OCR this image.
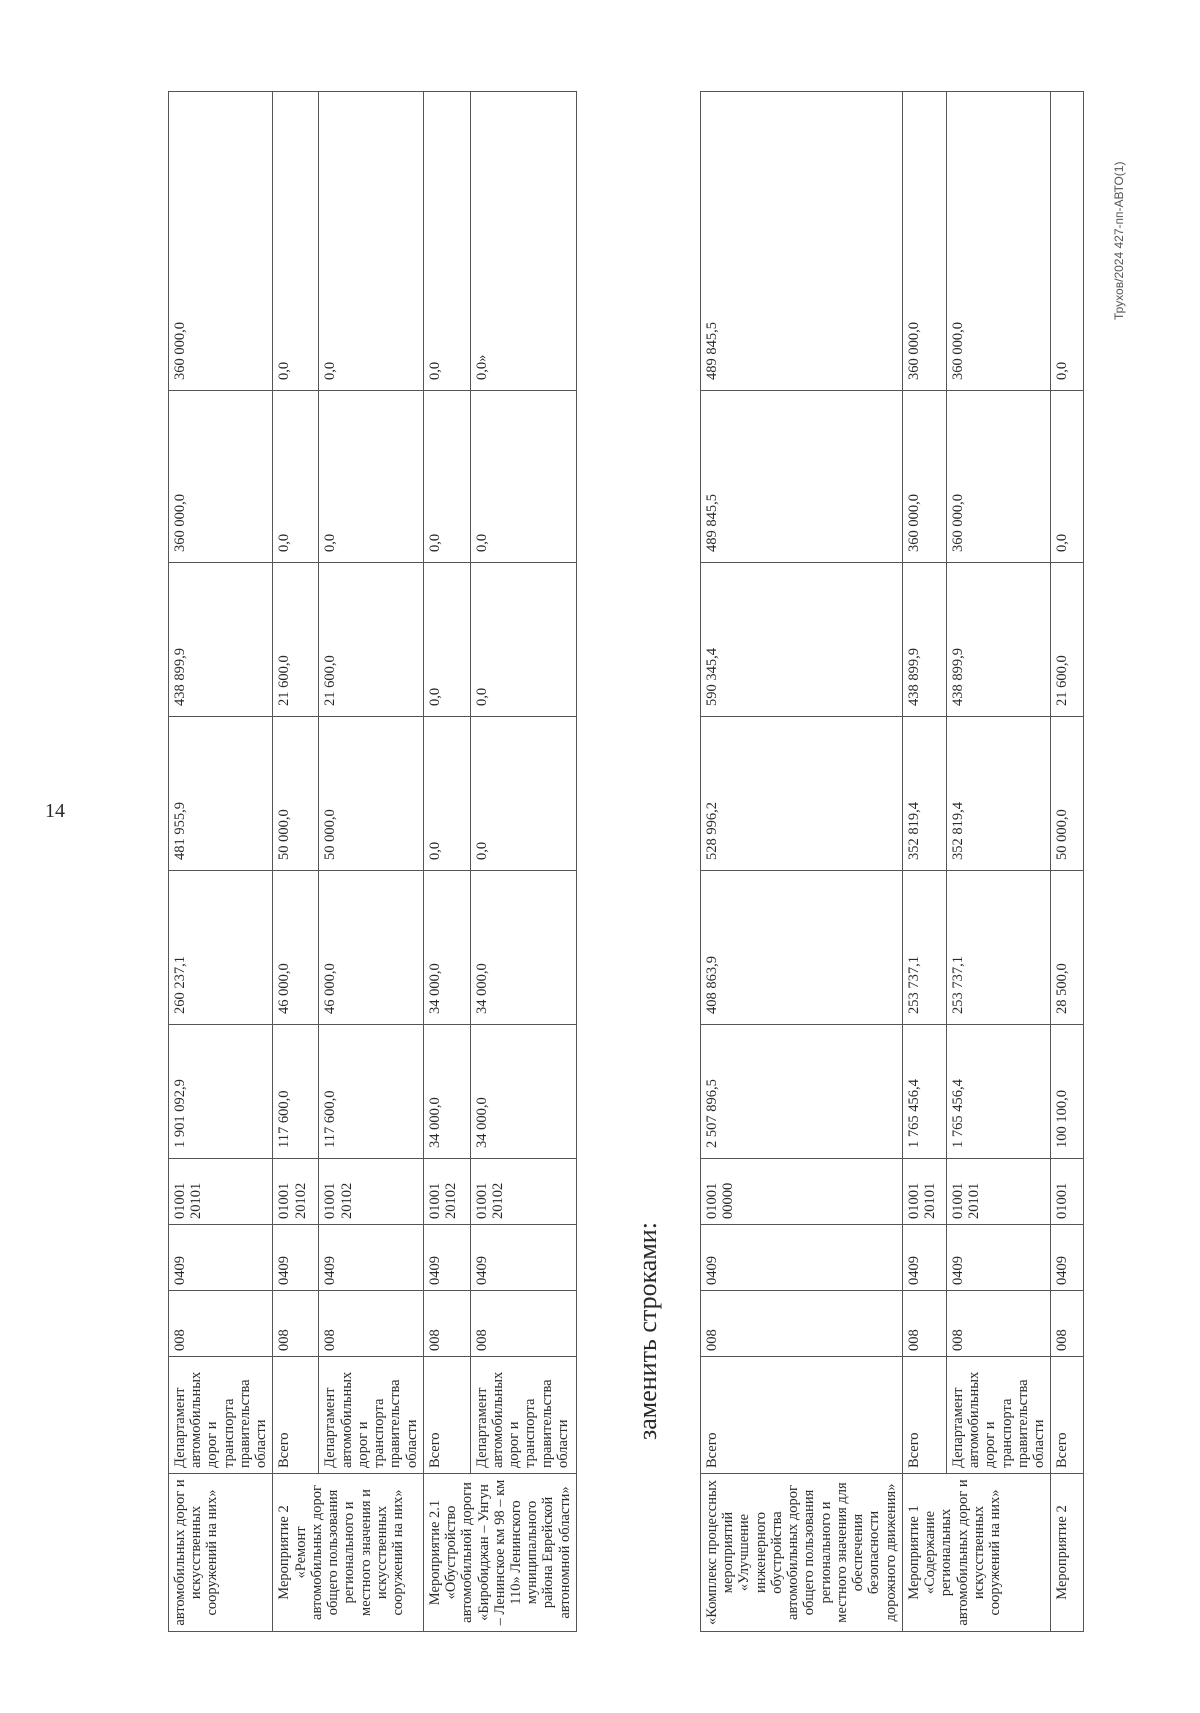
14
автомобильных дорог и искусственных сооружений на них»	Департамент автомобильных дорог и транспорта правительства области	008	0409	01001 20101	1 901 092,9	260 237,1	481 955,9	438 899,9	360 000,0	360 000,0
Мероприятие 2 «Ремонт автомобильных дорог общего пользования регионального и местного значения и искусственных сооружений на них»	Всего	008	0409	01001 20102	117 600,0	46 000,0	50 000,0	21 600,0	0,0	0,0
	Департамент автомобильных дорог и транспорта правительства области	008	0409	01001 20102	117 600,0	46 000,0	50 000,0	21 600,0	0,0	0,0
Мероприятие 2.1 «Обустройство автомобильной дороги «Биробиджан – Унгун – Ленинское км 98 – км 110» Ленинского муниципального района Еврейской автономной области»	Всего	008	0409	01001 20102	34 000,0	34 000,0	0,0	0,0	0,0	0,0
	Департамент автомобильных дорог и транспорта правительства области	008	0409	01001 20102	34 000,0	34 000,0	0,0	0,0	0,0	0,0»
заменить строками:
«Комплекс процессных мероприятий «Улучшение инженерного обустройства автомобильных дорог общего пользования регионального и местного значения для обеспечения безопасности дорожного движения»	Всего	008	0409	01001 00000	2 507 896,5	408 863,9	528 996,2	590 345,4	489 845,5	489 845,5
Мероприятие 1 «Содержание региональных автомобильных дорог и искусственных сооружений на них»	Всего	008	0409	01001 20101	1 765 456,4	253 737,1	352 819,4	438 899,9	360 000,0	360 000,0
	Департамент автомобильных дорог и транспорта правительства области	008	0409	01001 20101	1 765 456,4	253 737,1	352 819,4	438 899,9	360 000,0	360 000,0
Мероприятие 2	Всего	008	0409	01001	100 100,0	28 500,0	50 000,0	21 600,0	0,0	0,0
Трухов/2024 427-пп-АВТО(1)
